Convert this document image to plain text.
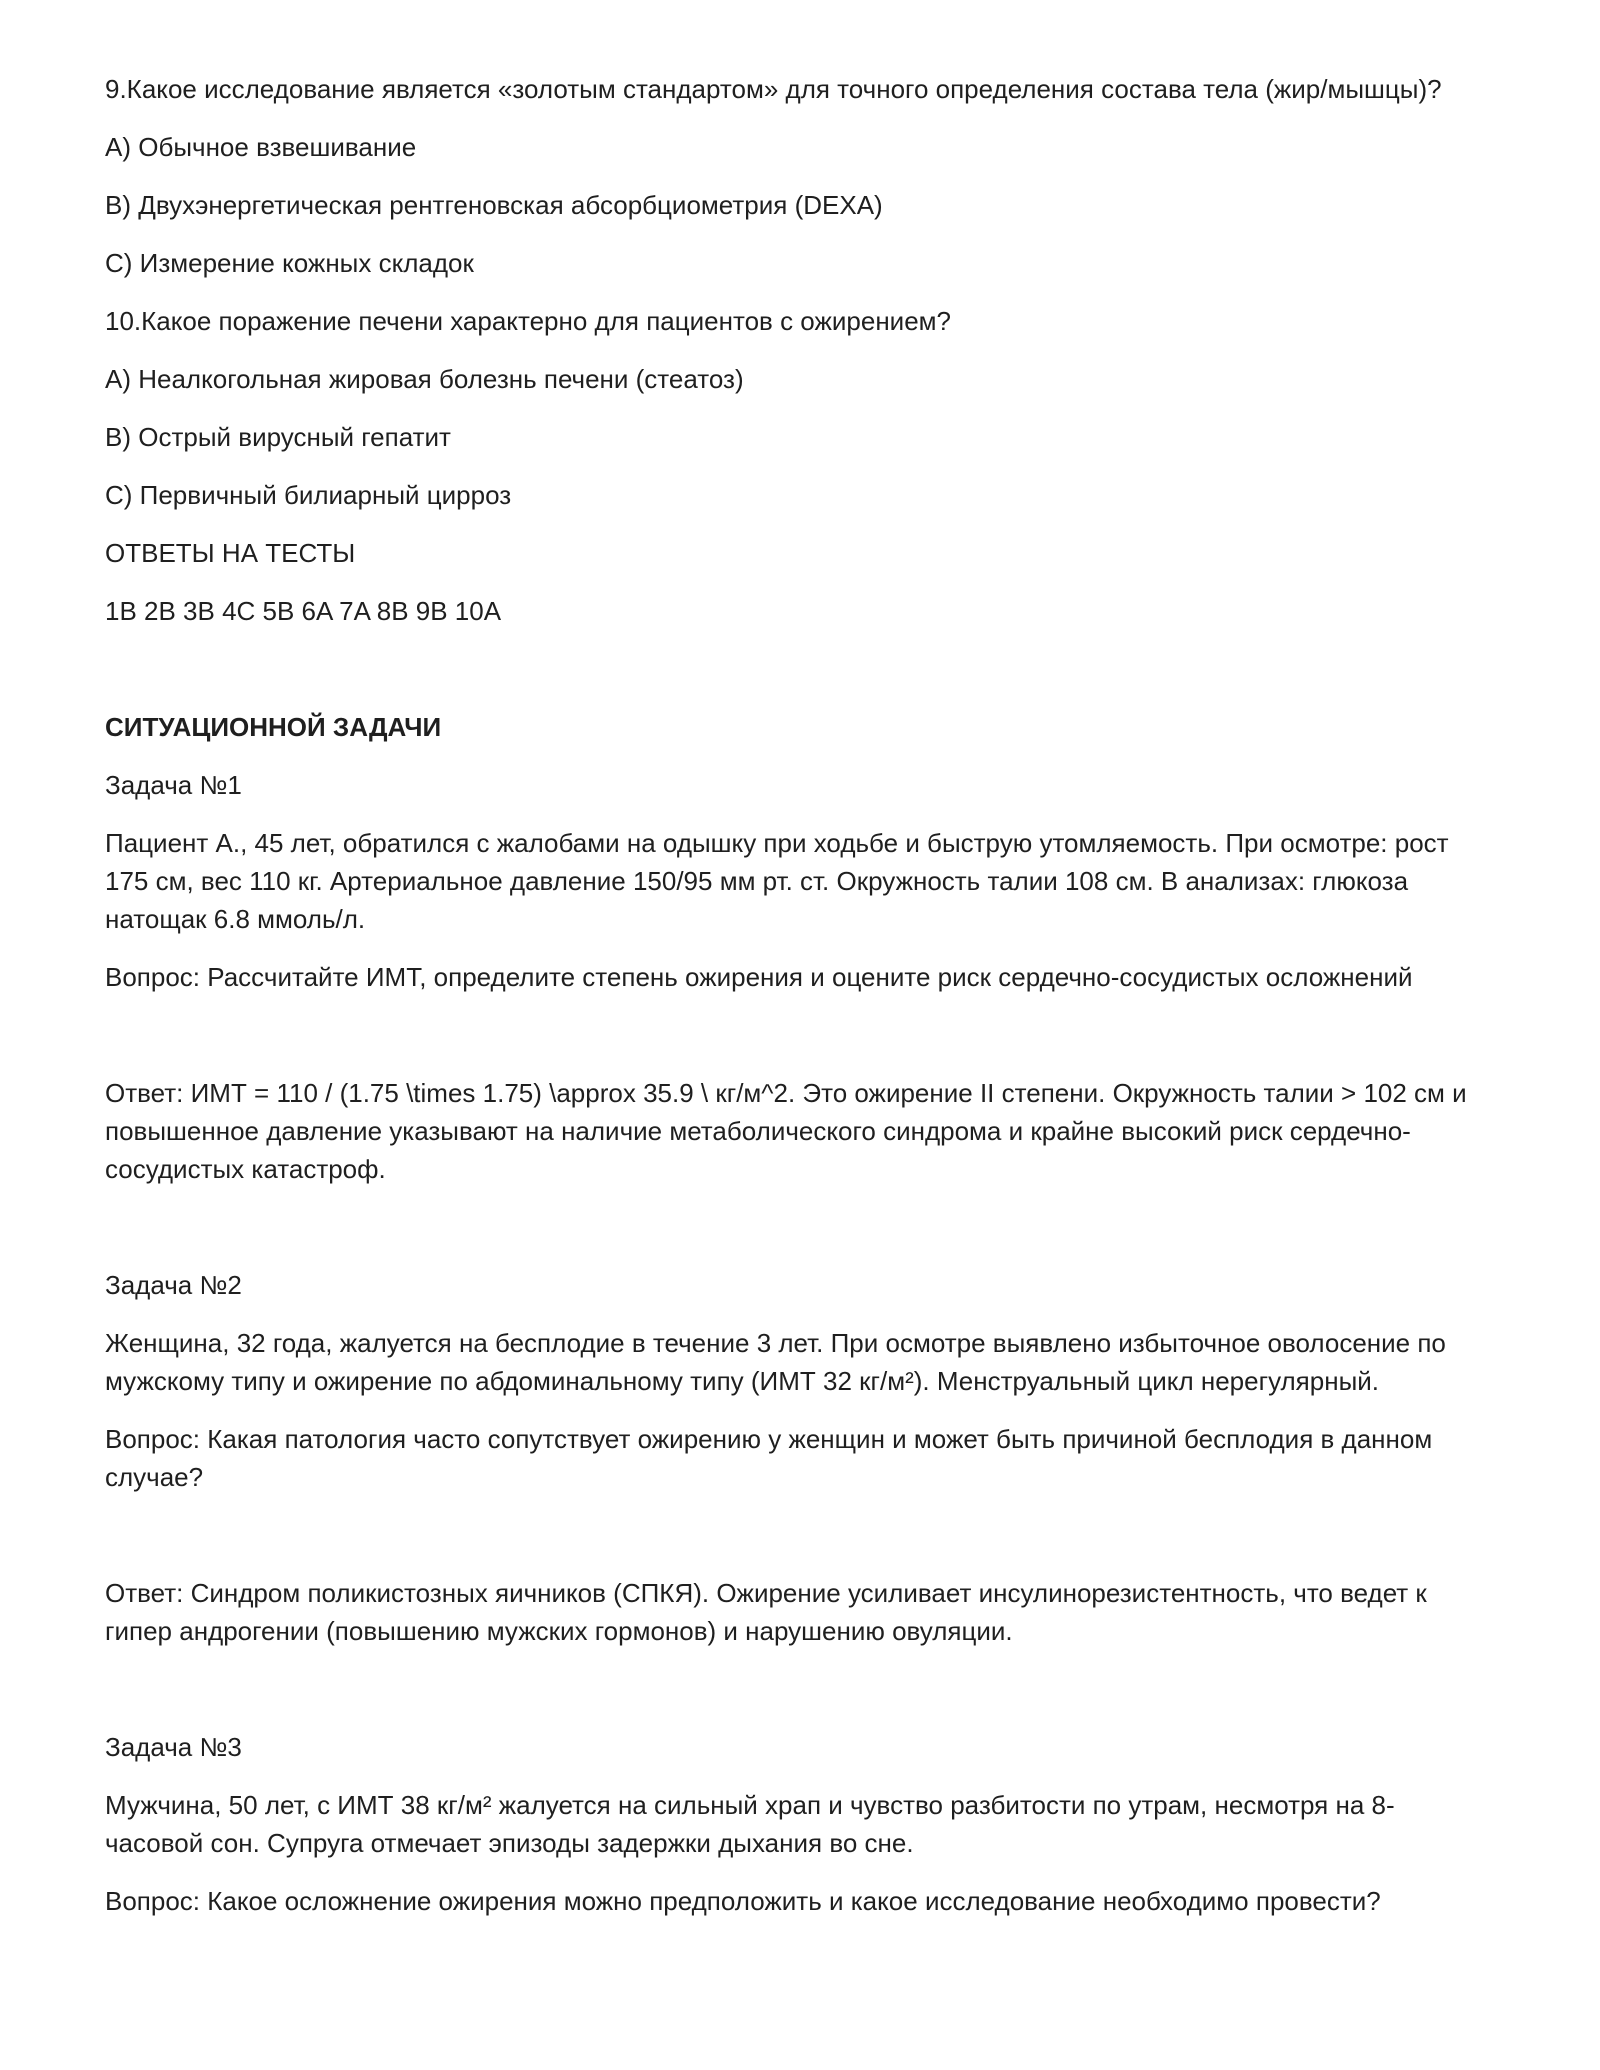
9.Какое исследование является «золотым стандартом» для точного определения состава тела (жир/мышцы)?
A) Обычное взвешивание
B) Двухэнергетическая рентгеновская абсорбциометрия (DEXA)
C) Измерение кожных складок
10.Какое поражение печени характерно для пациентов с ожирением?
A) Неалкогольная жировая болезнь печени (стеатоз)
B) Острый вирусный гепатит
C) Первичный билиарный цирроз
ОТВЕТЫ НА ТЕСТЫ
1B 2B 3B 4C 5B 6A 7A 8B 9B 10A
СИТУАЦИОННОЙ ЗАДАЧИ
Задача №1
Пациент А., 45 лет, обратился с жалобами на одышку при ходьбе и быструю утомляемость. При осмотре: рост
175 см, вес 110 кг. Артериальное давление 150/95 мм рт. ст. Окружность талии 108 см. В анализах: глюкоза
натощак 6.8 ммоль/л.
Вопрос: Рассчитайте ИМТ, определите степень ожирения и оцените риск сердечно-сосудистых осложнений
Ответ: ИМТ = 110 / (1.75 \times 1.75) \approx 35.9 \ кг/м^2. Это ожирение II степени. Окружность талии > 102 см и
повышенное давление указывают на наличие метаболического синдрома и крайне высокий риск сердечно-
сосудистых катастроф.
Задача №2
Женщина, 32 года, жалуется на бесплодие в течение 3 лет. При осмотре выявлено избыточное оволосение по
мужскому типу и ожирение по абдоминальному типу (ИМТ 32 кг/м²). Менструальный цикл нерегулярный.
Вопрос: Какая патология часто сопутствует ожирению у женщин и может быть причиной бесплодия в данном
случае?
Ответ: Синдром поликистозных яичников (СПКЯ). Ожирение усиливает инсулинорезистентность, что ведет к
гипер андрогении (повышению мужских гормонов) и нарушению овуляции.
Задача №3
Мужчина, 50 лет, с ИМТ 38 кг/м² жалуется на сильный храп и чувство разбитости по утрам, несмотря на 8-
часовой сон. Супруга отмечает эпизоды задержки дыхания во сне.
Вопрос: Какое осложнение ожирения можно предположить и какое исследование необходимо провести?
